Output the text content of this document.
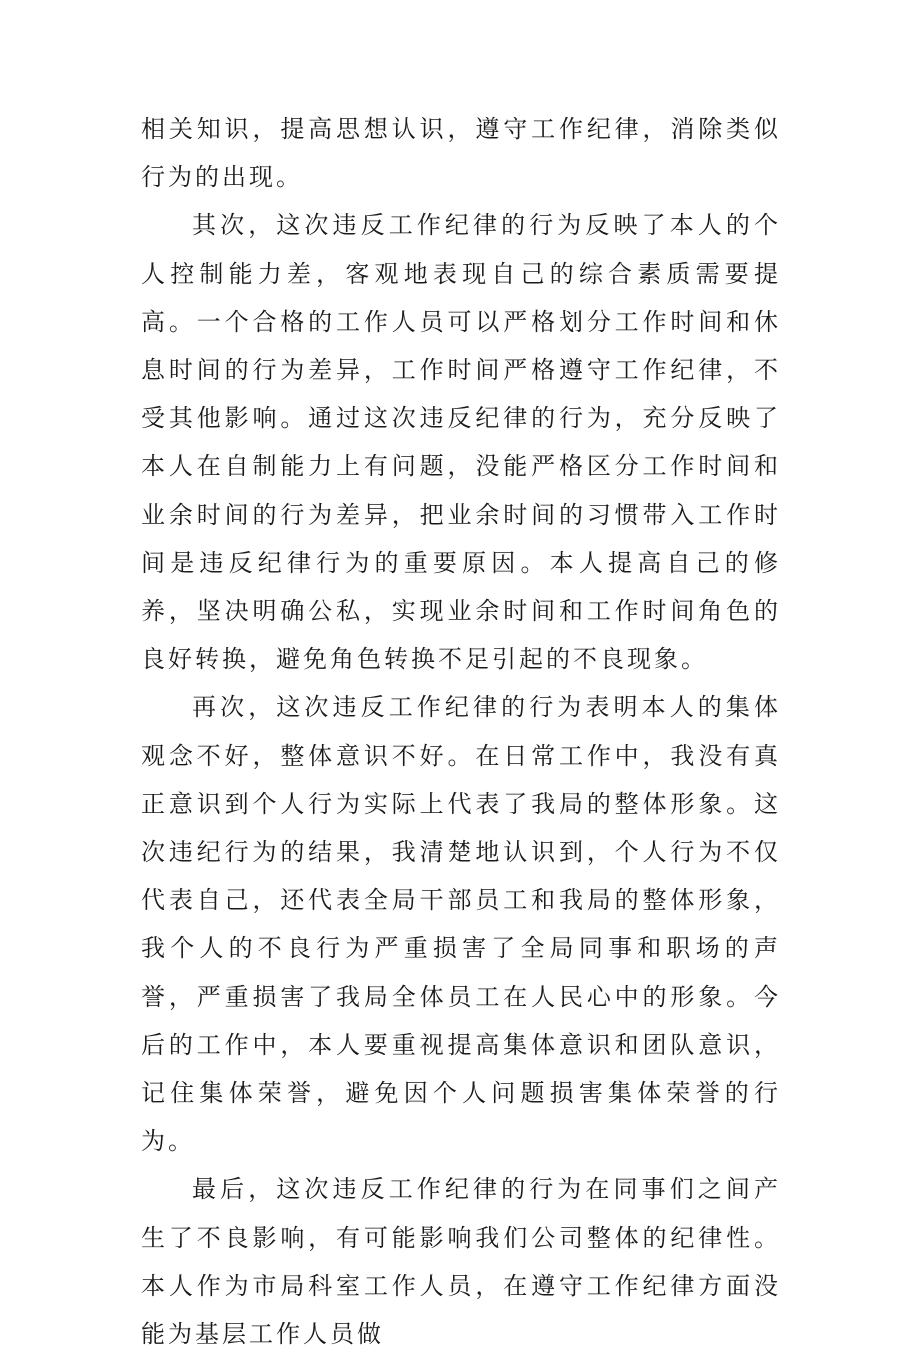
相关知识，提高思想认识，遵守工作纪律，消除类似行为的出现。

其次，这次违反工作纪律的行为反映了本人的个人控制能力差，客观地表现自己的综合素质需要提高。一个合格的工作人员可以严格划分工作时间和休息时间的行为差异，工作时间严格遵守工作纪律，不受其他影响。通过这次违反纪律的行为，充分反映了本人在自制能力上有问题，没能严格区分工作时间和业余时间的行为差异，把业余时间的习惯带入工作时间是违反纪律行为的重要原因。本人提高自己的修养，坚决明确公私，实现业余时间和工作时间角色的良好转换，避免角色转换不足引起的不良现象。

再次，这次违反工作纪律的行为表明本人的集体观念不好，整体意识不好。在日常工作中，我没有真正意识到个人行为实际上代表了我局的整体形象。这次违纪行为的结果，我清楚地认识到，个人行为不仅代表自己，还代表全局干部员工和我局的整体形象，我个人的不良行为严重损害了全局同事和职场的声誉，严重损害了我局全体员工在人民心中的形象。今后的工作中，本人要重视提高集体意识和团队意识，记住集体荣誉，避免因个人问题损害集体荣誉的行为。

最后，这次违反工作纪律的行为在同事们之间产生了不良影响，有可能影响我们公司整体的纪律性。本人作为市局科室工作人员，在遵守工作纪律方面没能为基层工作人员做
